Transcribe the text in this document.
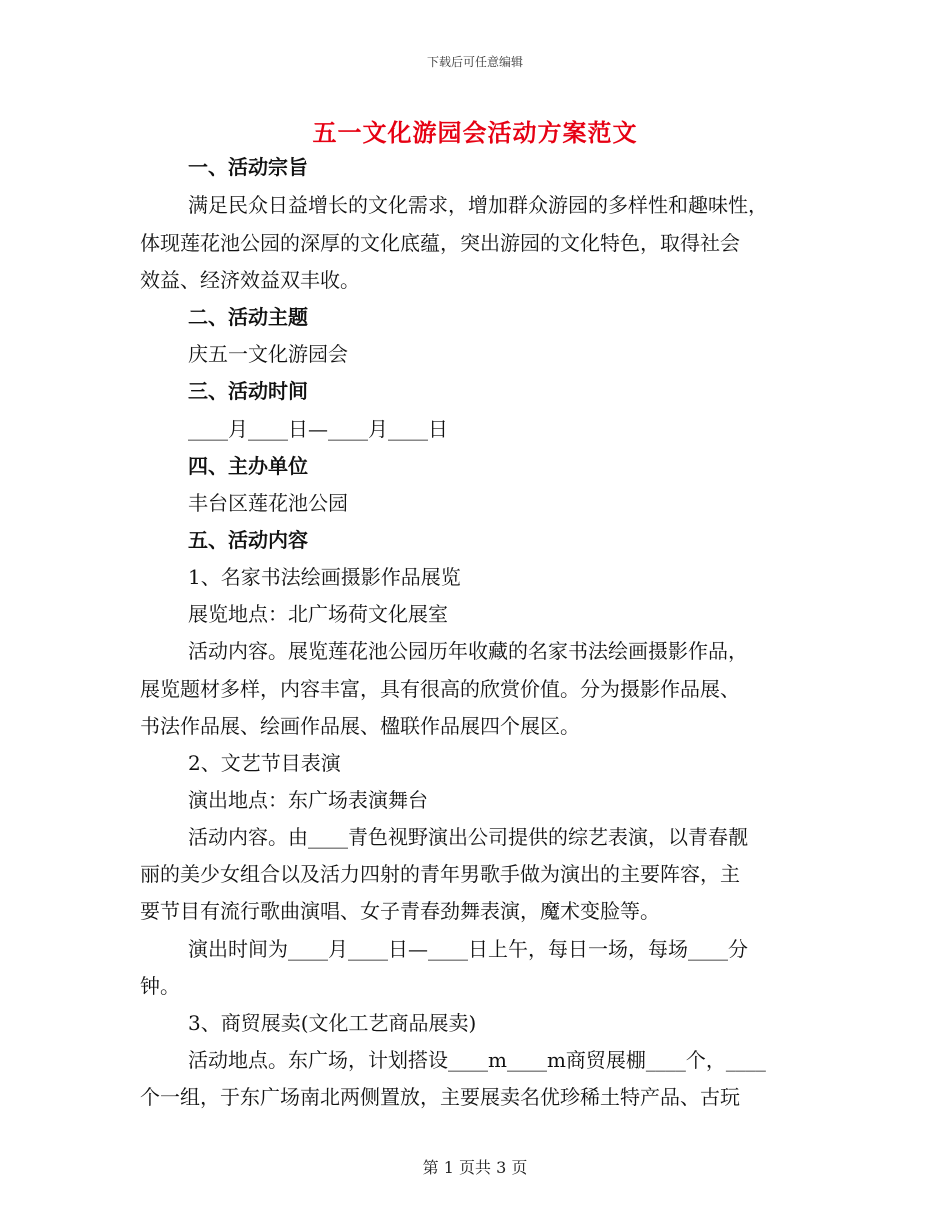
下载后可任意编辑
五一文化游园会活动方案范文
一、活动宗旨
满足民众日益增长的文化需求，增加群众游园的多样性和趣味性，
体现莲花池公园的深厚的文化底蕴，突出游园的文化特色，取得社会
效益、经济效益双丰收。
二、活动主题
庆五一文化游园会
三、活动时间
____月____日—____月____日
四、主办单位
丰台区莲花池公园
五、活动内容
1、名家书法绘画摄影作品展览
展览地点：北广场荷文化展室
活动内容。展览莲花池公园历年收藏的名家书法绘画摄影作品，
展览题材多样，内容丰富，具有很高的欣赏价值。分为摄影作品展、
书法作品展、绘画作品展、楹联作品展四个展区。
2、文艺节目表演
演出地点：东广场表演舞台
活动内容。由____青色视野演出公司提供的综艺表演，以青春靓
丽的美少女组合以及活力四射的青年男歌手做为演出的主要阵容，主
要节目有流行歌曲演唱、女子青春劲舞表演，魔术变脸等。
演出时间为____月____日—____日上午，每日一场，每场____分
钟。
3、商贸展卖(文化工艺商品展卖)
活动地点。东广场，计划搭设____m____m商贸展棚____个，____
个一组，于东广场南北两侧置放，主要展卖名优珍稀土特产品、古玩
第 1 页共 3 页
